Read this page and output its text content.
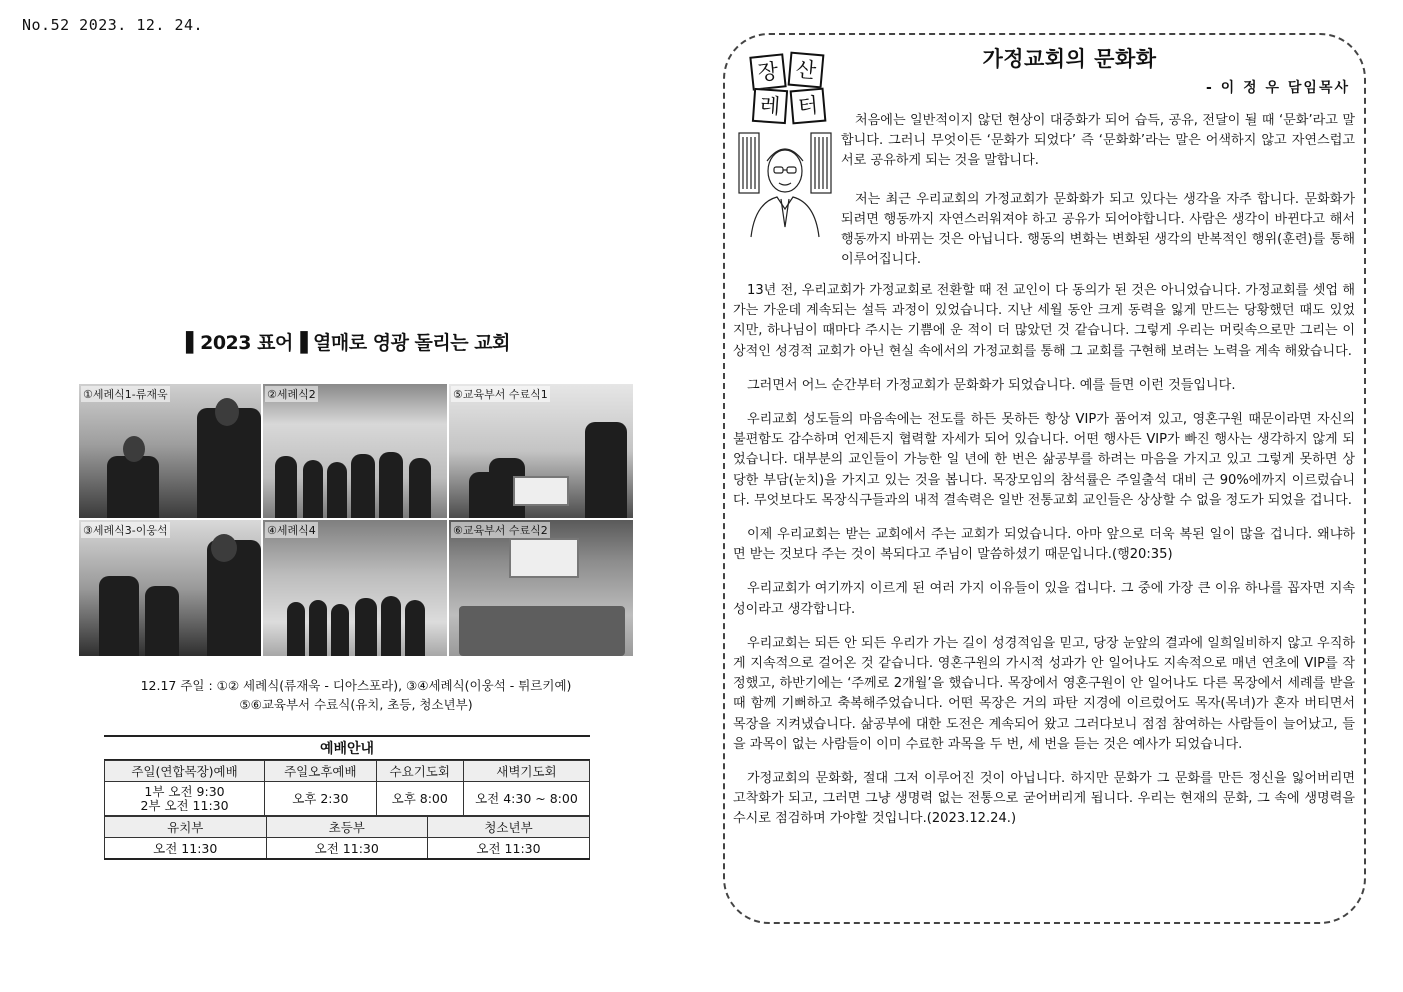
No.52 2023. 12. 24.
▌2023 표어▐ 열매로 영광 돌리는 교회
①세례식1-류재욱	②세례식2	⑤교육부서 수료식1
③세례식3-이웅석	④세례식4	⑥교육부서 수료식2
12.17 주일 : ①② 세례식(류재욱 - 디아스포라), ③④세례식(이웅석 - 튀르키예)
⑤⑥교육부서 수료식(유치, 초등, 청소년부)
예배안내
주일(연합목장)예배	주일오후예배	수요기도회	새벽기도회

1부 오전 9:30
2부 오전 11:30	오후 2:30	오후 8:00	오전 4:30 ~ 8:00
유치부	초등부	청소년부
오전 11:30	오전 11:30	오전 11:30
장 산
레 터
가정교회의 문화화
- 이 정 우 담임목사

처음에는 일반적이지 않던 현상이 대중화가 되어 습득, 공유, 전달이 될 때 ‘문화’라고 말합니다. 그러니 무엇이든 ‘문화가 되었다’ 즉 ‘문화화’라는 말은 어색하지 않고 자연스럽고 서로 공유하게 되는 것을 말합니다.

저는 최근 우리교회의 가정교회가 문화화가 되고 있다는 생각을 자주 합니다. 문화화가 되려면 행동까지 자연스러워져야 하고 공유가 되어야합니다. 사람은 생각이 바뀐다고 해서 행동까지 바뀌는 것은 아닙니다. 행동의 변화는 변화된 생각의 반복적인 행위(훈련)를 통해 이루어집니다.

13년 전, 우리교회가 가정교회로 전환할 때 전 교인이 다 동의가 된 것은 아니었습니다. 가정교회를 셋업 해 가는 가운데 계속되는 설득 과정이 있었습니다. 지난 세월 동안 크게 동력을 잃게 만드는 당황했던 때도 있었지만, 하나님이 때마다 주시는 기쁨에 운 적이 더 많았던 것 같습니다. 그렇게 우리는 머릿속으로만 그리는 이상적인 성경적 교회가 아닌 현실 속에서의 가정교회를 통해 그 교회를 구현해 보려는 노력을 계속 해왔습니다.

그러면서 어느 순간부터 가정교회가 문화화가 되었습니다. 예를 들면 이런 것들입니다.

우리교회 성도들의 마음속에는 전도를 하든 못하든 항상 VIP가 품어져 있고, 영혼구원 때문이라면 자신의 불편함도 감수하며 언제든지 협력할 자세가 되어 있습니다. 어떤 행사든 VIP가 빠진 행사는 생각하지 않게 되었습니다. 대부분의 교인들이 가능한 일 년에 한 번은 삶공부를 하려는 마음을 가지고 있고 그렇게 못하면 상당한 부담(눈치)을 가지고 있는 것을 봅니다. 목장모임의 참석률은 주일출석 대비 근 90%에까지 이르렀습니다. 무엇보다도 목장식구들과의 내적 결속력은 일반 전통교회 교인들은 상상할 수 없을 정도가 되었을 겁니다.

이제 우리교회는 받는 교회에서 주는 교회가 되었습니다. 아마 앞으로 더욱 복된 일이 많을 겁니다. 왜냐하면 받는 것보다 주는 것이 복되다고 주님이 말씀하셨기 때문입니다.(행20:35)

우리교회가 여기까지 이르게 된 여러 가지 이유들이 있을 겁니다. 그 중에 가장 큰 이유 하나를 꼽자면 지속성이라고 생각합니다.

우리교회는 되든 안 되든 우리가 가는 길이 성경적임을 믿고, 당장 눈앞의 결과에 일희일비하지 않고 우직하게 지속적으로 걸어온 것 같습니다. 영혼구원의 가시적 성과가 안 일어나도 지속적으로 매년 연초에 VIP를 작정했고, 하반기에는 ‘주께로 2개월’을 했습니다. 목장에서 영혼구원이 안 일어나도 다른 목장에서 세례를 받을 때 함께 기뻐하고 축복해주었습니다. 어떤 목장은 거의 파탄 지경에 이르렀어도 목자(목녀)가 혼자 버티면서 목장을 지켜냈습니다. 삶공부에 대한 도전은 계속되어 왔고 그러다보니 점점 참여하는 사람들이 늘어났고, 들을 과목이 없는 사람들이 이미 수료한 과목을 두 번, 세 번을 듣는 것은 예사가 되었습니다.

가정교회의 문화화, 절대 그저 이루어진 것이 아닙니다. 하지만 문화가 그 문화를 만든 정신을 잃어버리면 고착화가 되고, 그러면 그냥 생명력 없는 전통으로 굳어버리게 됩니다. 우리는 현재의 문화, 그 속에 생명력을 수시로 점검하며 가야할 것입니다.(2023.12.24.)
